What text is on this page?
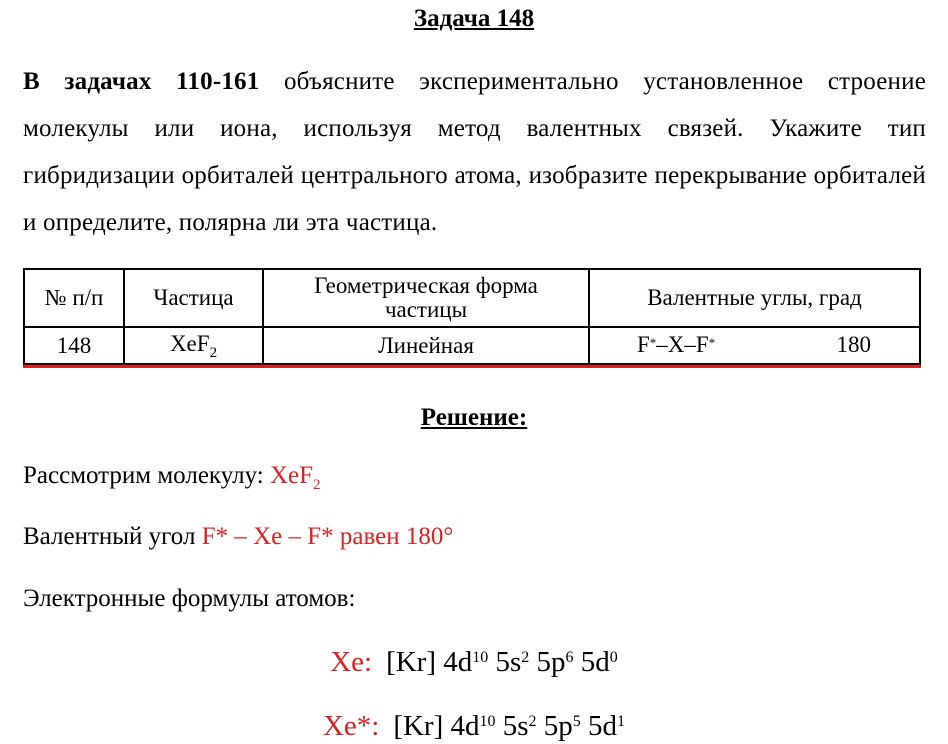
Задача 148
В задачах 110-161 объясните экспериментально установленное строение молекулы или иона, используя метод валентных связей. Укажите тип гибридизации орбиталей центрального атома, изобразите перекрывание орбиталей и определите, полярна ли эта частица.
№ п/п	Частица	Геометрическая форма частицы	Валентные углы, град
148	XeF$_2$	Линейная	F*–X–F* 180
Решение:
Рассмотрим молекулу: XeF$_2$
Валентный угол F* – Xe – F* равен 180°
Электронные формулы атомов:
Xe: [Kr] $4d^{10}$ $5s^2$ $5p^6$ $5d^0$
Xe*: [Kr] $4d^{10}$ $5s^2$ $5p^5$ $5d^1$
